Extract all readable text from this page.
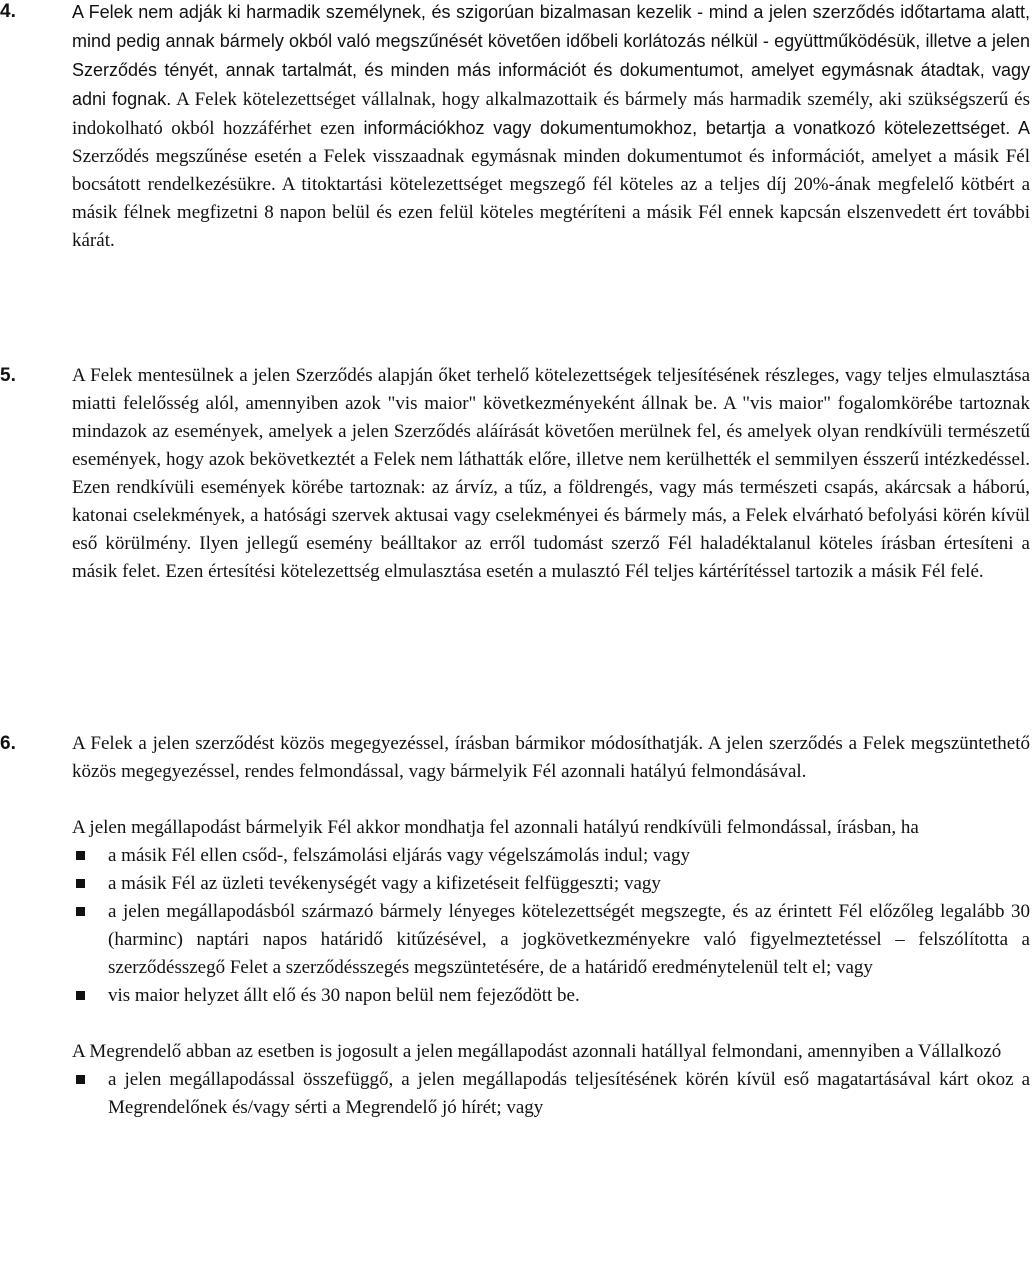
4.	A Felek nem adják ki harmadik személynek, és szigorúan bizalmasan kezelik - mind a jelen szerződés időtartama alatt, mind pedig annak bármely okból való megszűnését követően időbeli korlátozás nélkül - együttműködésük, illetve a jelen Szerződés tényét, annak tartalmát, és minden más információt és dokumentumot, amelyet egymásnak átadtak, vagy adni fognak. A Felek kötelezettséget vállalnak, hogy alkalmazottaik és bármely más harmadik személy, aki szükségszerű és indokolható okból hozzáférhet ezen információkhoz vagy dokumentumokhoz, betartja a vonatkozó kötelezettséget. A Szerződés megszűnése esetén a Felek visszaadnak egymásnak minden dokumentumot és információt, amelyet a másik Fél bocsátott rendelkezésükre. A titoktartási kötelezettséget megszegő fél köteles az a teljes díj 20%-ának megfelelő kötbért a másik félnek megfizetni 8 napon belül és ezen felül köteles megtéríteni a másik Fél ennek kapcsán elszenvedett ért további kárát.

5.	A Felek mentesülnek a jelen Szerződés alapján őket terhelő kötelezettségek teljesítésének részleges, vagy teljes elmulasztása miatti felelősség alól, amennyiben azok "vis maior" következményeként állnak be. A "vis maior" fogalomkörébe tartoznak mindazok az események, amelyek a jelen Szerződés aláírását követően merülnek fel, és amelyek olyan rendkívüli természetű események, hogy azok bekövetkeztét a Felek nem láthatták előre, illetve nem kerülhették el semmilyen ésszerű intézkedéssel. Ezen rendkívüli események körébe tartoznak: az árvíz, a tűz, a földrengés, vagy más természeti csapás, akárcsak a háború, katonai cselekmények, a hatósági szervek aktusai vagy cselekményei és bármely más, a Felek elvárható befolyási körén kívül eső körülmény. Ilyen jellegű esemény beálltakor az erről tudomást szerző Fél haladéktalanul köteles írásban értesíteni a másik felet. Ezen értesítési kötelezettség elmulasztása esetén a mulasztó Fél teljes kártérítéssel tartozik a másik Fél felé.

6.	A Felek a jelen szerződést közös megegyezéssel, írásban bármikor módosíthatják. A jelen szerződés a Felek megszüntethető közös megegyezéssel, rendes felmondással, vagy bármelyik Fél azonnali hatályú felmondásával.

A jelen megállapodást bármelyik Fél akkor mondhatja fel azonnali hatályú rendkívüli felmondással, írásban, ha

a másik Fél ellen csőd-, felszámolási eljárás vagy végelszámolás indul; vagy
a másik Fél az üzleti tevékenységét vagy a kifizetéseit felfüggeszti; vagy
a jelen megállapodásból származó bármely lényeges kötelezettségét megszegte, és az érintett Fél előzőleg legalább 30 (harminc) naptári napos határidő kitűzésével, a jogkövetkezményekre való figyelmeztetéssel – felszólította a szerződésszegő Felet a szerződésszegés megszüntetésére, de a határidő eredménytelenül telt el; vagy
vis maior helyzet állt elő és 30 napon belül nem fejeződött be.

A Megrendelő abban az esetben is jogosult a jelen megállapodást azonnali hatállyal felmondani, amennyiben a Vállalkozó

a jelen megállapodással összefüggő, a jelen megállapodás teljesítésének körén kívül eső magatartásával kárt okoz a Megrendelőnek és/vagy sérti a Megrendelő jó hírét; vagy
